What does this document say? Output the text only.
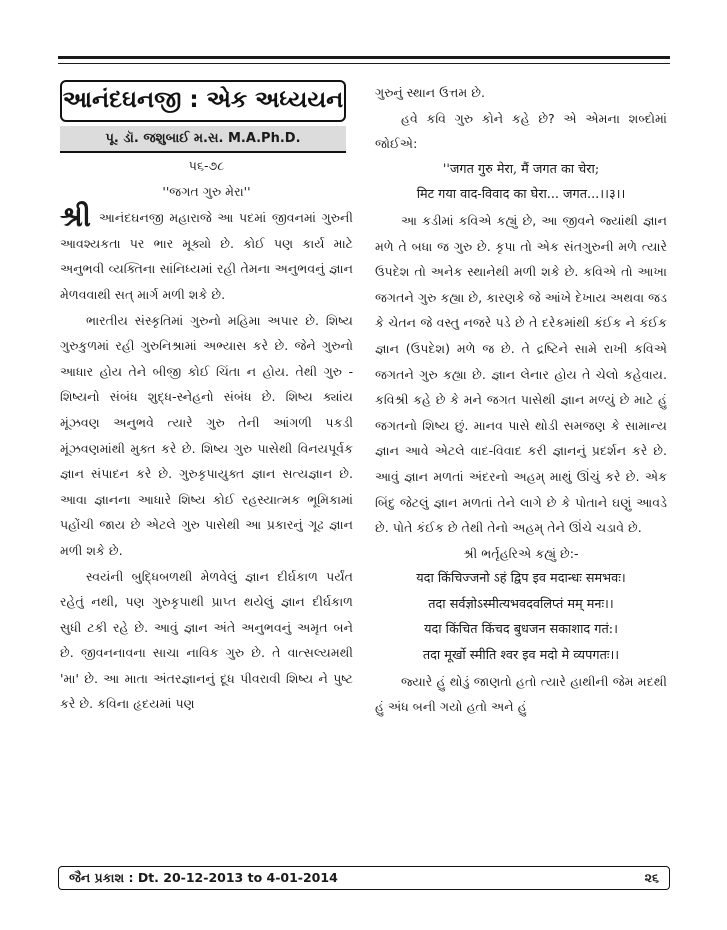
આનંદઘનજી : એક અધ્યયન
પૂ. ડૉ. જશુબાઈ મ.સ. M.A.Ph.D.

પ૬-૭૮

''જગત ગુરુ મેરા''

શ્રી આનંદઘનજી મહારાજે આ પદમાં જીવનમાં ગુરુની આવશ્યકતા પર ભાર મૂક્યો છે. કોઈ પણ કાર્ય માટે અનુભવી વ્યક્તિના સાંનિધ્યમાં રહી તેમના અનુભવનું જ્ઞાન મેળવવાથી સત્ માર્ગ મળી શકે છે.

ભારતીય સંસ્કૃતિમાં ગુરુનો મહિમા અપાર છે. શિષ્ય ગુરુકુળમાં રહી ગુરુનિશ્રામાં અભ્યાસ કરે છે. જેને ગુરુનો આધાર હોય તેને બીજી કોઈ ચિંતા ન હોય. તેથી ગુરુ - શિષ્યનો સંબંધ શુદ્ધ-સ્નેહનો સંબંધ છે. શિષ્ય ક્યાંય મૂંઝવણ અનુભવે ત્યારે ગુરુ તેની આંગળી પકડી મૂંઝવણમાંથી મુક્ત કરે છે. શિષ્ય ગુરુ પાસેથી વિનયપૂર્વક જ્ઞાન સંપાદન કરે છે. ગુરુકૃપાયુક્ત જ્ઞાન સત્યજ્ઞાન છે. આવા જ્ઞાનના આધારે શિષ્ય કોઈ રહસ્યાત્મક ભૂમિકામાં પહોંચી જાય છે એટલે ગુરુ પાસેથી આ પ્રકારનું ગૂઢ જ્ઞાન મળી શકે છે.

સ્વયંની બુદ્ધિબળથી મેળવેલું જ્ઞાન દીર્ઘકાળ પર્યંત રહેતું નથી, પણ ગુરુકૃપાથી પ્રાપ્ત થયેલું જ્ઞાન દીર્ઘકાળ સુધી ટકી રહે છે. આવું જ્ઞાન અંતે અનુભવનું અમૃત બને છે. જીવનનાવના સાચા નાવિક ગુરુ છે. તે વાત્સલ્યમથી 'મા' છે. આ માતા અંતરજ્ઞાનનું દૂધ પીવરાવી શિષ્ય ને પુષ્ટ કરે છે. કવિના હૃદયમાં પણ

ગુરુનું સ્થાન ઉત્તમ છે.

હવે કવિ ગુરુ કોને કહે છે? એ એમના શબ્દોમાં જોઈએ:

''जगत गुरु मेरा, मैं जगत का चेरा;

मिट गया वाद-विवाद का घेरा... जगत...।।३।।

આ કડીમાં કવિએ કહ્યું છે, આ જીવને જ્યાંથી જ્ઞાન મળે તે બધા જ ગુરુ છે. કૃપા તો એક સંતગુરુની મળે ત્યારે ઉપદેશ તો અનેક સ્થાનેથી મળી શકે છે. કવિએ તો આખા જગતને ગુરુ કહ્યા છે, કારણકે જે આંખે દેખાય અથવા જડ કે ચેતન જે વસ્તુ નજરે પડે છે તે દરેકમાંથી કંઈક ને કંઈક જ્ઞાન (ઉપદેશ) મળે જ છે. તે દ્રષ્ટિને સામે રાખી કવિએ જગતને ગુરુ કહ્યા છે. જ્ઞાન લેનાર હોય તે ચેલો કહેવાય. કવિશ્રી કહે છે કે મને જગત પાસેથી જ્ઞાન મળ્યું છે માટે હું જગતનો શિષ્ય છું. માનવ પાસે થોડી સમજણ કે સામાન્ય જ્ઞાન આવે એટલે વાદ-વિવાદ કરી જ્ઞાનનું પ્રદર્શન કરે છે. આવું જ્ઞાન મળતાં અંદરનો અહમ્ માથું ઊંચું કરે છે. એક બિંદુ જેટલું જ્ઞાન મળતાં તેને લાગે છે કે પોતાને ઘણું આવડે છે. પોતે કંઈક છે તેથી તેનો અહમ્ તેને ઊંચે ચડાવે છે.

શ્રી ભર્તૃહરિએ કહ્યું છે:-

यदा किंचिज्जनो ऽहं द्विप इव मदान्धः समभवः।

तदा सर्वज्ञोऽस्मीत्यभवदवलिप्तं मम् मनः।।

यदा किंचित किंचद बुधजन सकाशाद गतं:।

तदा मूर्खो स्मीति श्वर इव मदो मे व्यपगतः।।

જ્યારે હું થોડું જાણતો હતો ત્યારે હાથીની જેમ મદથી હું અંધ બની ગયો હતો અને હું

જૈન પ્રકાશ : Dt. 20-12-2013 to 4-01-2014	૨૬
